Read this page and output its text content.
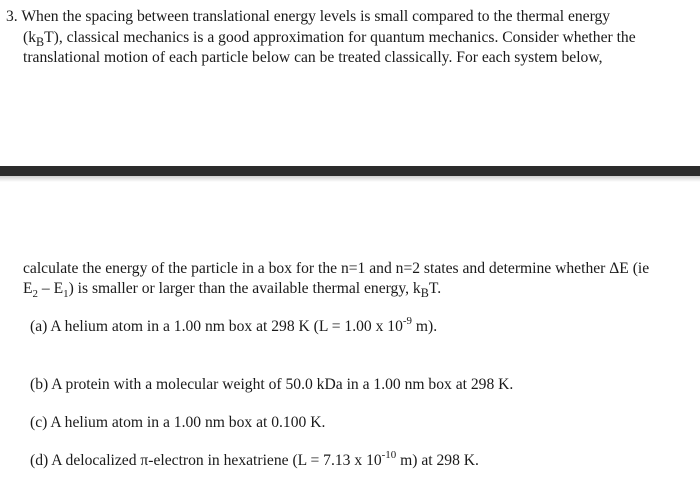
3. When the spacing between translational energy levels is small compared to the thermal energy

$(k_BT)$, classical mechanics is a good approximation for quantum mechanics. Consider whether the

translational motion of each particle below can be treated classically. For each system below,

calculate the energy of the particle in a box for the n=1 and n=2 states and determine whether ΔE (ie

$E_2 - E_1$) is smaller or larger than the available thermal energy, $k_BT$.

(a) A helium atom in a 1.00 nm box at 298 K (L = 1.00 x $10^{-9}$ m).

(b) A protein with a molecular weight of 50.0 kDa in a 1.00 nm box at 298 K.

(c) A helium atom in a 1.00 nm box at 0.100 K.

(d) A delocalized π-electron in hexatriene (L = 7.13 x $10^{-10}$ m) at 298 K.
